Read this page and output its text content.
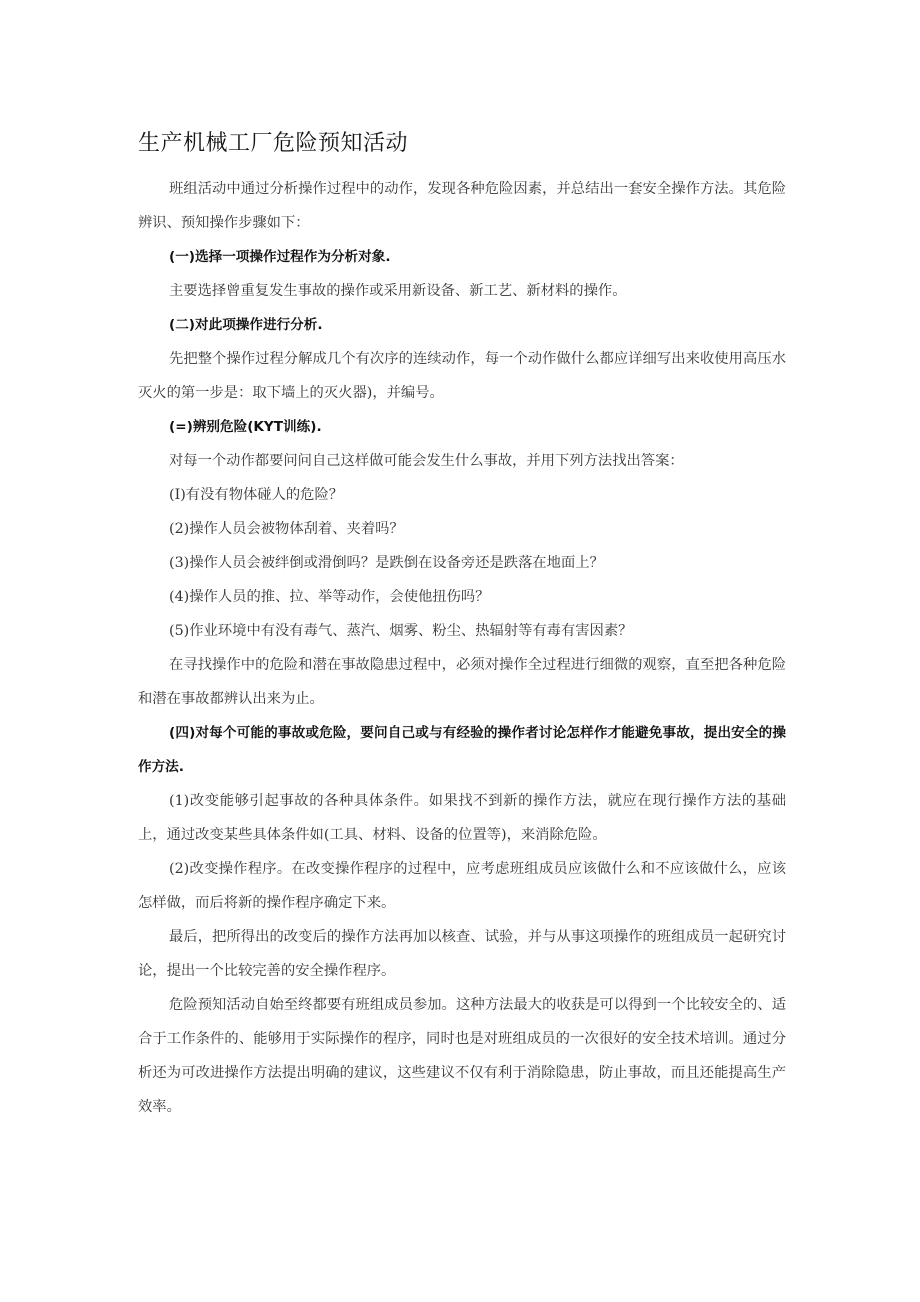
生产机械工厂危险预知活动

班组活动中通过分析操作过程中的动作，发现各种危险因素，并总结出一套安全操作方法。其危险辨识、预知操作步骤如下：

(一)选择一项操作过程作为分析对象.

主要选择曾重复发生事故的操作或采用新设备、新工艺、新材料的操作。

(二)对此项操作进行分析.

先把整个操作过程分解成几个有次序的连续动作，每一个动作做什么都应详细写出来收使用高压水灭火的第一步是：取下墙上的灭火器)，并编号。

(=)辨别危险(KYT训练).

对每一个动作都要问问自己这样做可能会发生什么事故，并用下列方法找出答案：

(I)有没有物体碰人的危险？

(2)操作人员会被物体刮着、夹着吗？

(3)操作人员会被绊倒或滑倒吗？是跌倒在设备旁还是跌落在地面上？

(4)操作人员的推、拉、举等动作，会使他扭伤吗？

(5)作业环境中有没有毒气、蒸汽、烟雾、粉尘、热辐射等有毒有害因素？

在寻找操作中的危险和潜在事故隐患过程中，必须对操作全过程进行细微的观察，直至把各种危险和潜在事故都辨认出来为止。

(四)对每个可能的事故或危险，要问自己或与有经验的操作者讨论怎样作才能避免事故，提出安全的操作方法.

(1)改变能够引起事故的各种具体条件。如果找不到新的操作方法，就应在现行操作方法的基础上，通过改变某些具体条件如(工具、材料、设备的位置等)，来消除危险。

(2)改变操作程序。在改变操作程序的过程中，应考虑班组成员应该做什么和不应该做什么，应该怎样做，而后将新的操作程序确定下来。

最后，把所得出的改变后的操作方法再加以核查、试验，并与从事这项操作的班组成员一起研究讨论，提出一个比较完善的安全操作程序。

危险预知活动自始至终都要有班组成员参加。这种方法最大的收获是可以得到一个比较安全的、适合于工作条件的、能够用于实际操作的程序，同时也是对班组成员的一次很好的安全技术培训。通过分析还为可改进操作方法提出明确的建议，这些建议不仅有利于消除隐患，防止事故，而且还能提高生产效率。
